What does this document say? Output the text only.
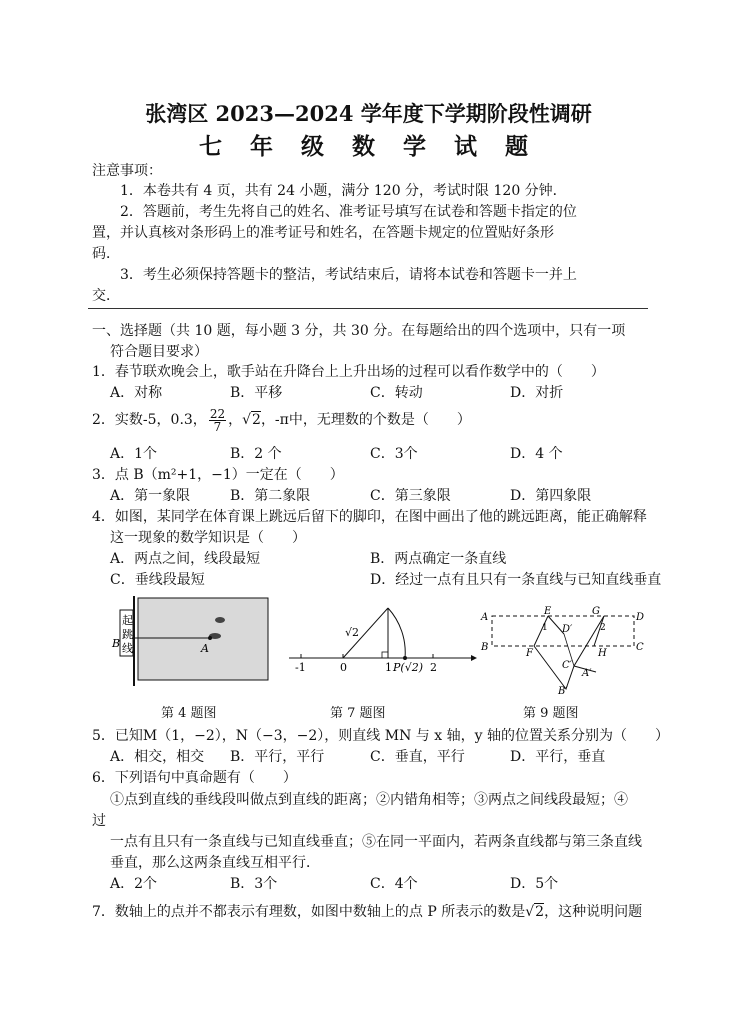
张湾区 2023—2024 学年度下学期阶段性调研
七 年 级 数 学 试 题
注意事项：
1．本卷共有 4 页，共有 24 小题，满分 120 分，考试时限 120 分钟．
2．答题前，考生先将自己的姓名、准考证号填写在试卷和答题卡指定的位
置，并认真核对条形码上的准考证号和姓名，在答题卡规定的位置贴好条形
码．
3．考生必须保持答题卡的整洁，考试结束后，请将本试卷和答题卡一并上
交．
一、选择题（共 10 题，每小题 3 分，共 30 分。在每题给出的四个选项中，只有一项
符合题目要求）
1．春节联欢晚会上，歌手站在升降台上上升出场的过程可以看作数学中的（　　）
A．对称	B．平移	C．转动	D．对折
2．实数-5，0.3， $\frac{22}{7}$ ，√2，-π中，无理数的个数是（　　）
A．1个	B．2 个	C．3个	D．4 个
3．点 B（m²+1，−1）一定在（　　）
A．第一象限	B．第二象限	C．第三象限	D．第四象限
4．如图，某同学在体育课上跳远后留下的脚印，在图中画出了他的跳远距离，能正确解释
这一现象的数学知识是（　　）
A．两点之间，线段最短	B．两点确定一条直线
C．垂线段最短	D．经过一点有且只有一条直线与已知直线垂直
起
跳
线
B	A
√2
-1	0	1	2
P(√2)
A
E	G
D
B
F	H
C
D′
C′
A′
B′
1	2
第 4 题图	第 7 题图	第 9 题图
5．已知M（1，−2），N（−3，−2），则直线 MN 与 x 轴，y 轴的位置关系分别为（　　）
A．相交，相交 B．平行，平行	C．垂直，平行	D．平行，垂直
6．下列语句中真命题有（　　）
①点到直线的垂线段叫做点到直线的距离；②内错角相等；③两点之间线段最短；④
过
一点有且只有一条直线与已知直线垂直；⑤在同一平面内，若两条直线都与第三条直线
垂直，那么这两条直线互相平行．
A．2个	B．3个	C．4个	D．5个
7．数轴上的点并不都表示有理数，如图中数轴上的点 P 所表示的数是√2，这种说明问题
